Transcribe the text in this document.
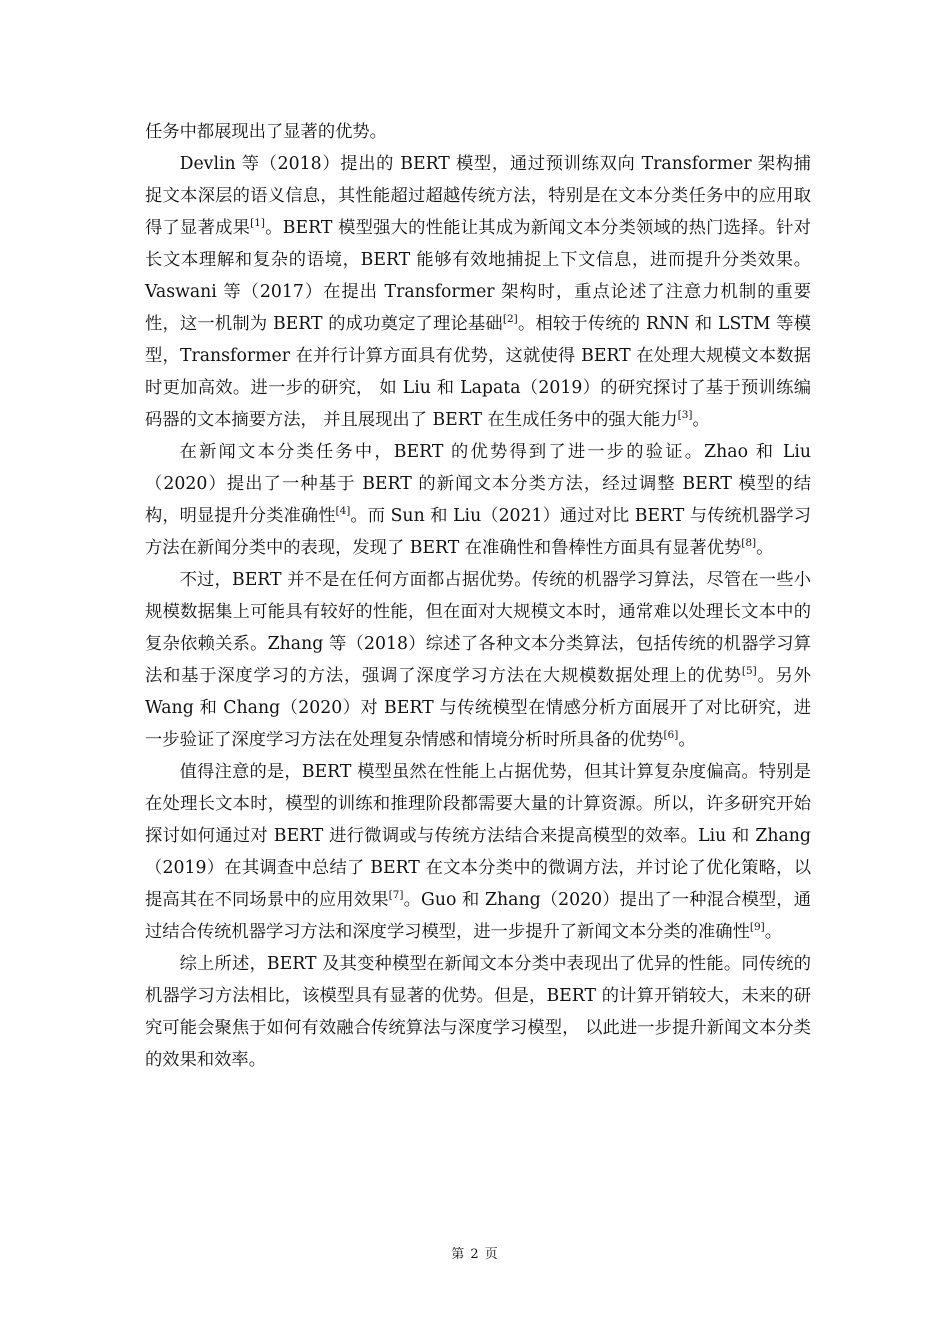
任务中都展现出了显著的优势。

Devlin 等（2018）提出的 BERT 模型，通过预训练双向 Transformer 架构捕捉文本深层的语义信息，其性能超过超越传统方法，特别是在文本分类任务中的应用取得了显著成果[1]。BERT 模型强大的性能让其成为新闻文本分类领域的热门选择。针对长文本理解和复杂的语境，BERT 能够有效地捕捉上下文信息，进而提升分类效果。Vaswani 等（2017）在提出 Transformer 架构时，重点论述了注意力机制的重要性，这一机制为 BERT 的成功奠定了理论基础[2]。相较于传统的 RNN 和 LSTM 等模型，Transformer 在并行计算方面具有优势，这就使得 BERT 在处理大规模文本数据时更加高效。进一步的研究， 如 Liu 和 Lapata（2019）的研究探讨了基于预训练编码器的文本摘要方法， 并且展现出了 BERT 在生成任务中的强大能力[3]。

在新闻文本分类任务中，BERT 的优势得到了进一步的验证。Zhao 和 Liu（2020）提出了一种基于 BERT 的新闻文本分类方法，经过调整 BERT 模型的结构，明显提升分类准确性[4]。而 Sun 和 Liu（2021）通过对比 BERT 与传统机器学习方法在新闻分类中的表现，发现了 BERT 在准确性和鲁棒性方面具有显著优势[8]。

不过，BERT 并不是在任何方面都占据优势。传统的机器学习算法，尽管在一些小规模数据集上可能具有较好的性能，但在面对大规模文本时，通常难以处理长文本中的复杂依赖关系。Zhang 等（2018）综述了各种文本分类算法，包括传统的机器学习算法和基于深度学习的方法，强调了深度学习方法在大规模数据处理上的优势[5]。另外 Wang 和 Chang（2020）对 BERT 与传统模型在情感分析方面展开了对比研究，进一步验证了深度学习方法在处理复杂情感和情境分析时所具备的优势[6]。

值得注意的是，BERT 模型虽然在性能上占据优势，但其计算复杂度偏高。特别是在处理长文本时，模型的训练和推理阶段都需要大量的计算资源。所以，许多研究开始探讨如何通过对 BERT 进行微调或与传统方法结合来提高模型的效率。Liu 和 Zhang（2019）在其调查中总结了 BERT 在文本分类中的微调方法，并讨论了优化策略，以提高其在不同场景中的应用效果[7]。Guo 和 Zhang（2020）提出了一种混合模型，通过结合传统机器学习方法和深度学习模型，进一步提升了新闻文本分类的准确性[9]。

综上所述，BERT 及其变种模型在新闻文本分类中表现出了优异的性能。同传统的机器学习方法相比，该模型具有显著的优势。但是，BERT 的计算开销较大，未来的研究可能会聚焦于如何有效融合传统算法与深度学习模型， 以此进一步提升新闻文本分类的效果和效率。

第 2 页
